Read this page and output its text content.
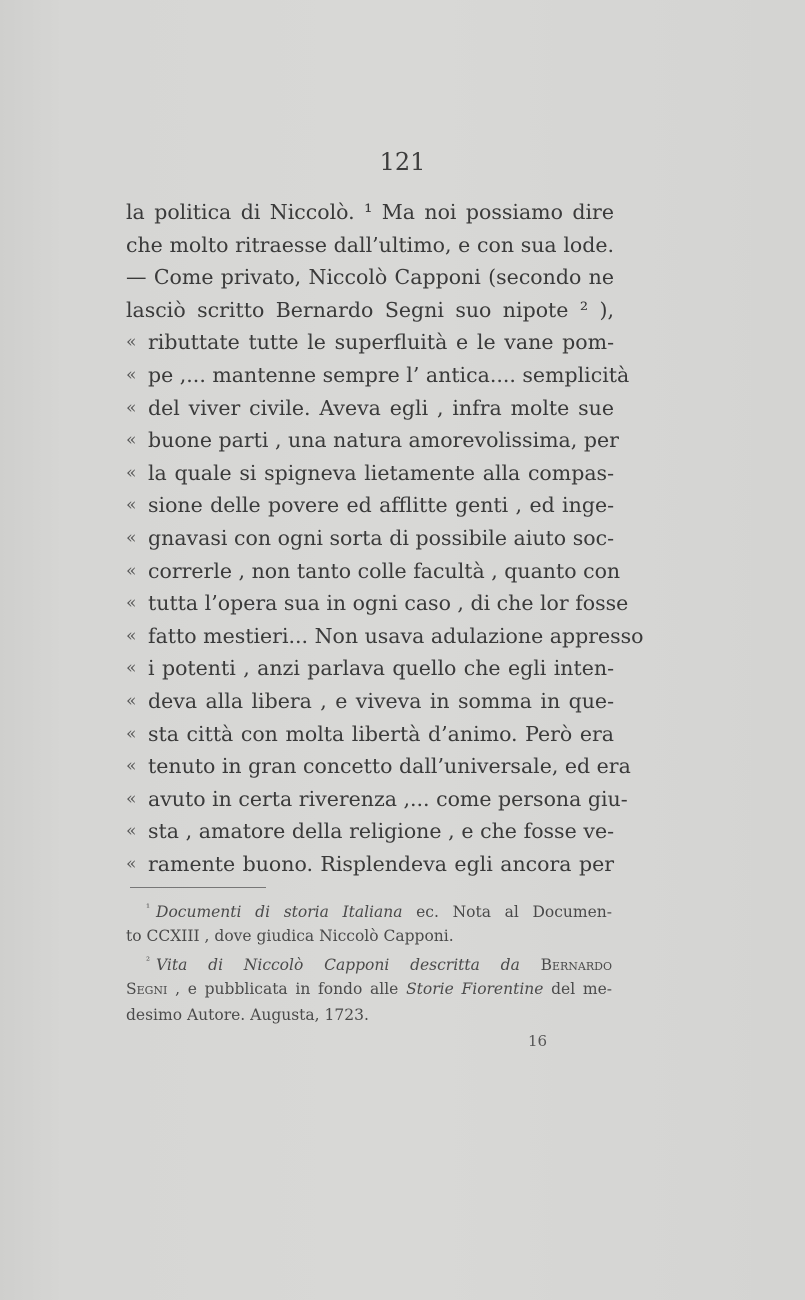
121
la politica di Niccolò. ¹ Ma noi possiamo dire
che molto ritraesse dall’ultimo, e con sua lode.
— Come privato, Niccolò Capponi (secondo ne
lasciò scritto Bernardo Segni suo nipote ² ),
« ributtate tutte le superfluità e le vane pom-
« pe ,... mantenne sempre l’ antica.... semplicità
« del viver civile. Aveva egli , infra molte sue
« buone parti , una natura amorevolissima, per
« la quale si spigneva lietamente alla compas-
« sione delle povere ed afflitte genti , ed inge-
« gnavasi con ogni sorta di possibile aiuto soc-
« correrle , non tanto colle facultà , quanto con
« tutta l’opera sua in ogni caso , di che lor fosse
« fatto mestieri... Non usava adulazione appresso
« i potenti , anzi parlava quello che egli inten-
« deva alla libera , e viveva in somma in que-
« sta città con molta libertà d’animo. Però era
« tenuto in gran concetto dall’universale, ed era
« avuto in certa riverenza ,... come persona giu-
« sta , amatore della religione , e che fosse ve-
« ramente buono. Risplendeva egli ancora per
$^{^1}$ Documenti di storia Italiana ec. Nota al Documen-
to CCXIII , dove giudica Niccolò Capponi.
$^{^2}$ Vita di Niccolò Capponi descritta da Bernardo
Segni , e pubblicata in fondo alle Storie Fiorentine del me-
desimo Autore. Augusta, 1723.
16
